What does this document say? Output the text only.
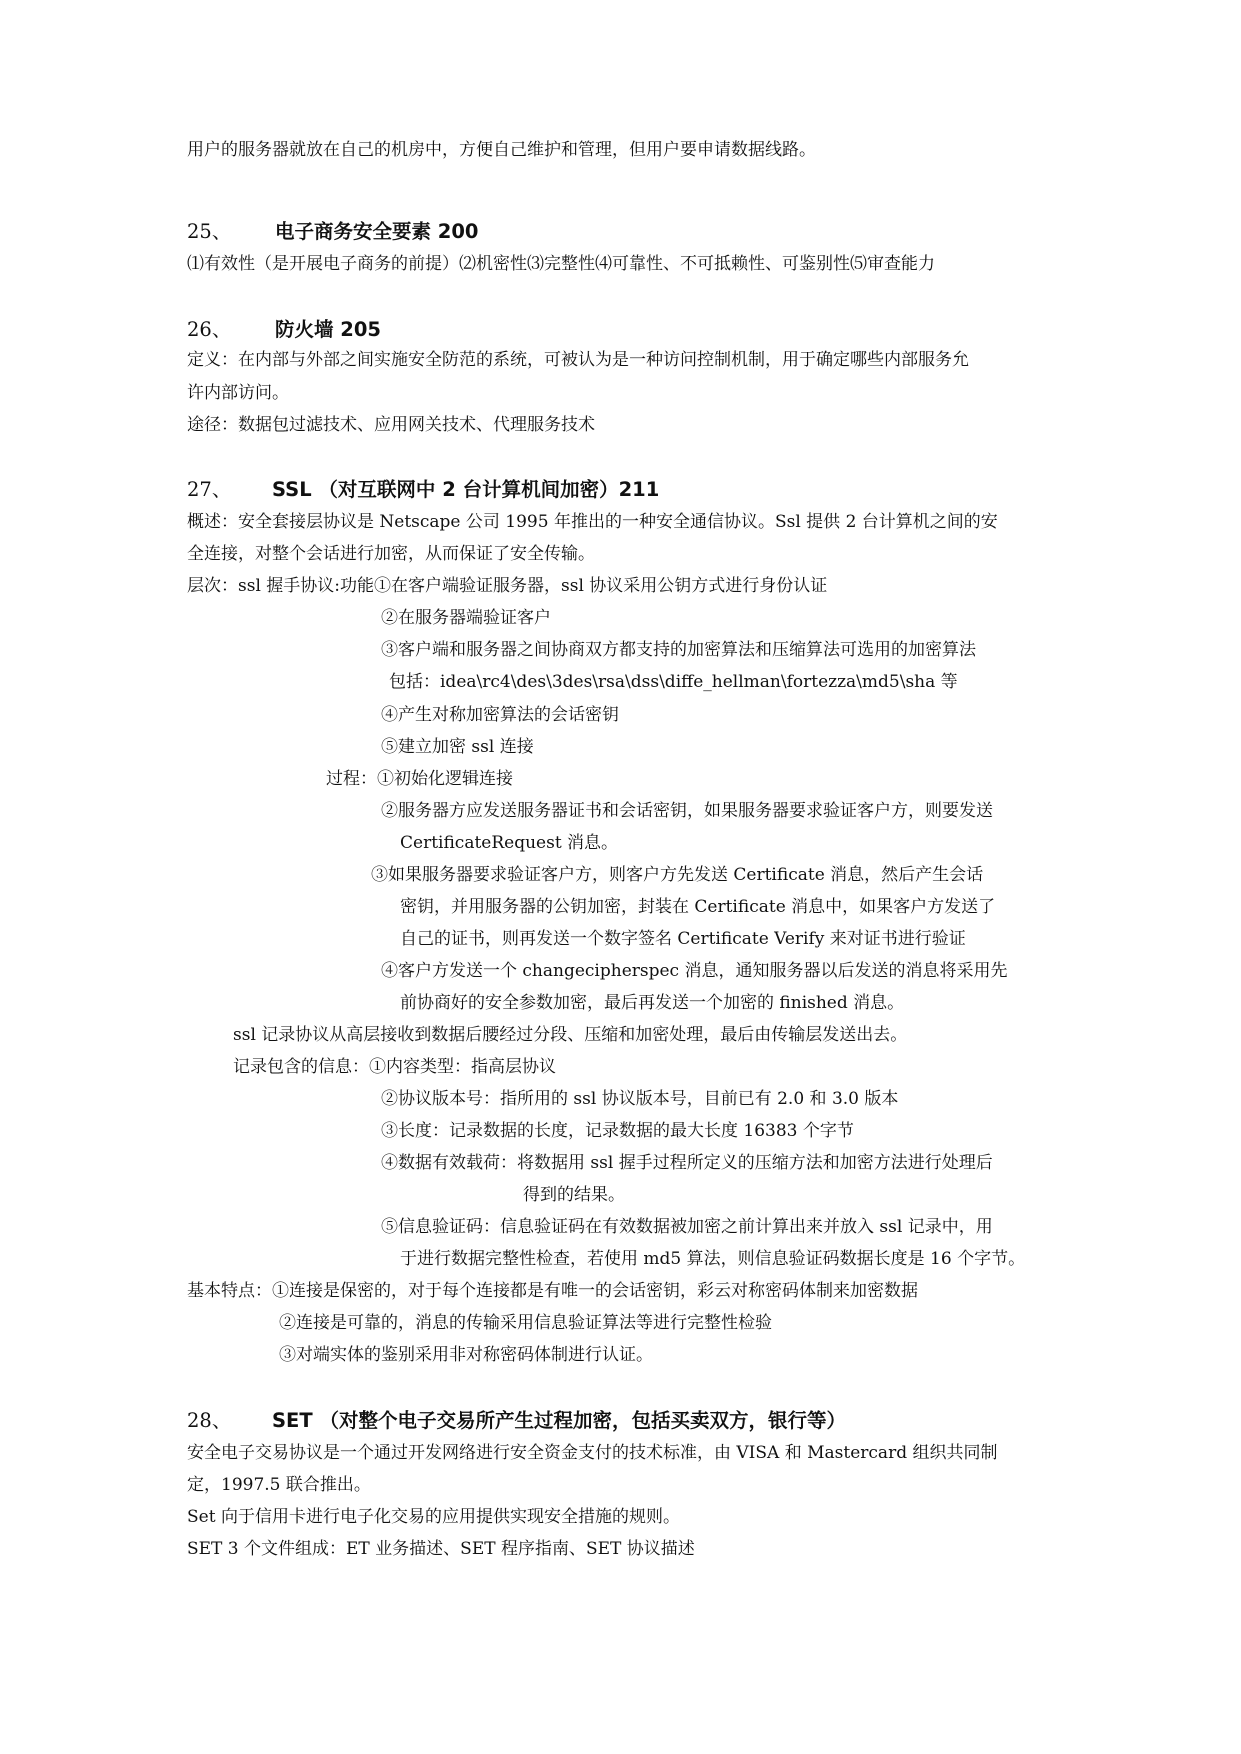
用户的服务器就放在自己的机房中，方便自己维护和管理，但用户要申请数据线路。
25、 电子商务安全要素 200
⑴有效性（是开展电子商务的前提）⑵机密性⑶完整性⑷可靠性、不可抵赖性、可鉴别性⑸审查能力
26、 防火墙 205
定义：在内部与外部之间实施安全防范的系统，可被认为是一种访问控制机制，用于确定哪些内部服务允
许内部访问。
途径：数据包过滤技术、应用网关技术、代理服务技术
27、 SSL （对互联网中 2 台计算机间加密）211
概述：安全套接层协议是 Netscape 公司 1995 年推出的一种安全通信协议。Ssl 提供 2 台计算机之间的安
全连接，对整个会话进行加密，从而保证了安全传输。
层次：ssl 握手协议:功能①在客户端验证服务器，ssl 协议采用公钥方式进行身份认证
②在服务器端验证客户
③客户端和服务器之间协商双方都支持的加密算法和压缩算法可选用的加密算法
包括：idea\rc4\des\3des\rsa\dss\diffe_hellman\fortezza\md5\sha 等
④产生对称加密算法的会话密钥
⑤建立加密 ssl 连接
过程：①初始化逻辑连接
②服务器方应发送服务器证书和会话密钥，如果服务器要求验证客户方，则要发送
CertificateRequest 消息。
③如果服务器要求验证客户方，则客户方先发送 Certificate 消息，然后产生会话
密钥，并用服务器的公钥加密，封装在 Certificate 消息中，如果客户方发送了
自己的证书，则再发送一个数字签名 Certificate Verify 来对证书进行验证
④客户方发送一个 changecipherspec 消息，通知服务器以后发送的消息将采用先
前协商好的安全参数加密，最后再发送一个加密的 finished 消息。
ssl 记录协议从高层接收到数据后腰经过分段、压缩和加密处理，最后由传输层发送出去。
记录包含的信息：①内容类型：指高层协议
②协议版本号：指所用的 ssl 协议版本号，目前已有 2.0 和 3.0 版本
③长度：记录数据的长度，记录数据的最大长度 16383 个字节
④数据有效载荷：将数据用 ssl 握手过程所定义的压缩方法和加密方法进行处理后
得到的结果。
⑤信息验证码：信息验证码在有效数据被加密之前计算出来并放入 ssl 记录中，用
于进行数据完整性检查，若使用 md5 算法，则信息验证码数据长度是 16 个字节。
基本特点：①连接是保密的，对于每个连接都是有唯一的会话密钥，彩云对称密码体制来加密数据
②连接是可靠的，消息的传输采用信息验证算法等进行完整性检验
③对端实体的鉴别采用非对称密码体制进行认证。
28、 SET （对整个电子交易所产生过程加密，包括买卖双方，银行等）
安全电子交易协议是一个通过开发网络进行安全资金支付的技术标准，由 VISA 和 Mastercard 组织共同制
定，1997.5 联合推出。
Set 向于信用卡进行电子化交易的应用提供实现安全措施的规则。
SET 3 个文件组成：ET 业务描述、SET 程序指南、SET 协议描述
